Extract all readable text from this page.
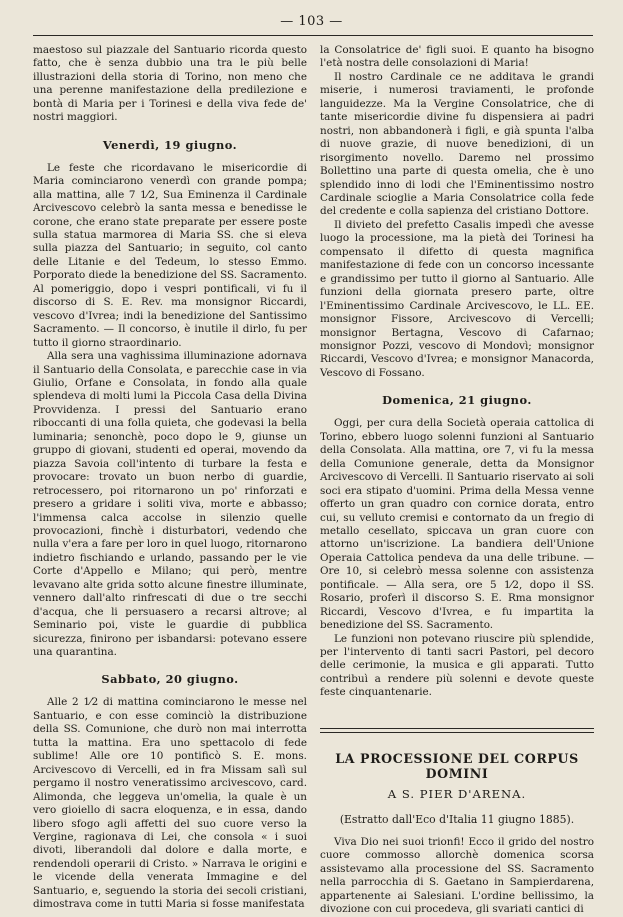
— 103 —

maestoso sul piazzale del Santuario ricorda questo fatto, che è senza dubbio una tra le più belle illustrazioni della storia di Torino, non meno che una perenne manifestazione della predilezione e bontà di Maria per i Torinesi e della viva fede de' nostri maggiori.

Venerdì, 19 giugno.

Le feste che ricordavano le misericordie di Maria cominciarono venerdì con grande pompa; alla mattina, alle 7 1⁄2, Sua Eminenza il Cardinale Arcivescovo celebrò la santa messa e benedisse le corone, che erano state preparate per essere poste sulla statua marmorea di Maria SS. che si eleva sulla piazza del Santuario; in seguito, col canto delle Litanie e del Tedeum, lo stesso Emmo. Porporato diede la benedizione del SS. Sacramento. Al pomeriggio, dopo i vespri pontificali, vi fu il discorso di S. E. Rev. ma monsignor Riccardi, vescovo d'Ivrea; indi la benedizione del Santissimo Sacramento. — Il concorso, è inutile il dirlo, fu per tutto il giorno straordinario.

Alla sera una vaghissima illuminazione adornava il Santuario della Consolata, e parecchie case in via Giulio, Orfane e Consolata, in fondo alla quale splendeva di molti lumi la Piccola Casa della Divina Provvidenza. I pressi del Santuario erano riboccanti di una folla quieta, che godevasi la bella luminaria; senonchè, poco dopo le 9, giunse un gruppo di giovani, studenti ed operai, movendo da piazza Savoia coll'intento di turbare la festa e provocare: trovato un buon nerbo di guardie, retrocessero, poi ritornarono un po' rinforzati e presero a gridare i soliti viva, morte e abbasso; l'immensa calca accolse in silenzio quelle provocazioni, finchè i disturbatori, vedendo che nulla v'era a fare per loro in quel luogo, ritornarono indietro fischiando e urlando, passando per le vie Corte d'Appello e Milano; qui però, mentre levavano alte grida sotto alcune finestre illuminate, vennero dall'alto rinfrescati di due o tre secchi d'acqua, che li persuasero a recarsi altrove; al Seminario poi, viste le guardie di pubblica sicurezza, finirono per isbandarsi: potevano essere una quarantina.

Sabbato, 20 giugno.

Alle 2 1⁄2 di mattina cominciarono le messe nel Santuario, e con esse cominciò la distribuzione della SS. Comunione, che durò non mai interrotta tutta la mattina. Era uno spettacolo di fede sublime! Alle ore 10 pontificò S. E. mons. Arcivescovo di Vercelli, ed in fra Missam salì sul pergamo il nostro veneratissimo arcivescovo, card. Alimonda, che leggeva un'omelia, la quale è un vero gioiello di sacra eloquenza, e in essa, dando libero sfogo agli affetti del suo cuore verso la Vergine, ragionava di Lei, che consola « i suoi divoti, liberandoli dal dolore e dalla morte, e rendendoli operarii di Cristo. » Narrava le origini e le vicende della venerata Immagine e del Santuario, e, seguendo la storia dei secoli cristiani, dimostrava come in tutti Maria si fosse manifestata

la Consolatrice de' figli suoi. E quanto ha bisogno l'età nostra delle consolazioni di Maria!

Il nostro Cardinale ce ne additava le grandi miserie, i numerosi traviamenti, le profonde languidezze. Ma la Vergine Consolatrice, che di tante misericordie divine fu dispensiera ai padri nostri, non abbandonerà i figli, e già spunta l'alba di nuove grazie, di nuove benedizioni, di un risorgimento novello. Daremo nel prossimo Bollettino una parte di questa omelia, che è uno splendido inno di lodi che l'Eminentissimo nostro Cardinale scioglie a Maria Consolatrice colla fede del credente e colla sapienza del cristiano Dottore.

Il divieto del prefetto Casalis impedì che avesse luogo la processione, ma la pietà dei Torinesi ha compensato il difetto di questa magnifica manifestazione di fede con un concorso incessante e grandissimo per tutto il giorno al Santuario. Alle funzioni della giornata presero parte, oltre l'Eminentissimo Cardinale Arcivescovo, le LL. EE. monsignor Fissore, Arcivescovo di Vercelli; monsignor Bertagna, Vescovo di Cafarnao; monsignor Pozzi, vescovo di Mondovì; monsignor Riccardi, Vescovo d'Ivrea; e monsignor Manacorda, Vescovo di Fossano.

Domenica, 21 giugno.

Oggi, per cura della Società operaia cattolica di Torino, ebbero luogo solenni funzioni al Santuario della Consolata. Alla mattina, ore 7, vi fu la messa della Comunione generale, detta da Monsignor Arcivescovo di Vercelli. Il Santuario riservato ai soli soci era stipato d'uomini. Prima della Messa venne offerto un gran quadro con cornice dorata, entro cui, su velluto cremisi e contornato da un fregio di metallo cesellato, spiccava un gran cuore con attorno un'iscrizione. La bandiera dell'Unione Operaia Cattolica pendeva da una delle tribune. — Ore 10, si celebrò messa solenne con assistenza pontificale. — Alla sera, ore 5 1⁄2, dopo il SS. Rosario, proferì il discorso S. E. Rma monsignor Riccardi, Vescovo d'Ivrea, e fu impartita la benedizione del SS. Sacramento.

Le funzioni non potevano riuscire più splendide, per l'intervento di tanti sacri Pastori, pel decoro delle cerimonie, la musica e gli apparati. Tutto contribuì a rendere più solenni e devote queste feste cinquantenarie.

LA PROCESSIONE DEL CORPUS DOMINI
A S. PIER D'ARENA.
(Estratto dall'Eco d'Italia 11 giugno 1885).

Viva Dio nei suoi trionfi! Ecco il grido del nostro cuore commosso allorchè domenica scorsa assistevamo alla processione del SS. Sacramento nella parrocchia di S. Gaetano in Sampierdarena, appartenente ai Salesiani. L'ordine bellissimo, la divozione con cui procedeva, gli svariati cantici di
